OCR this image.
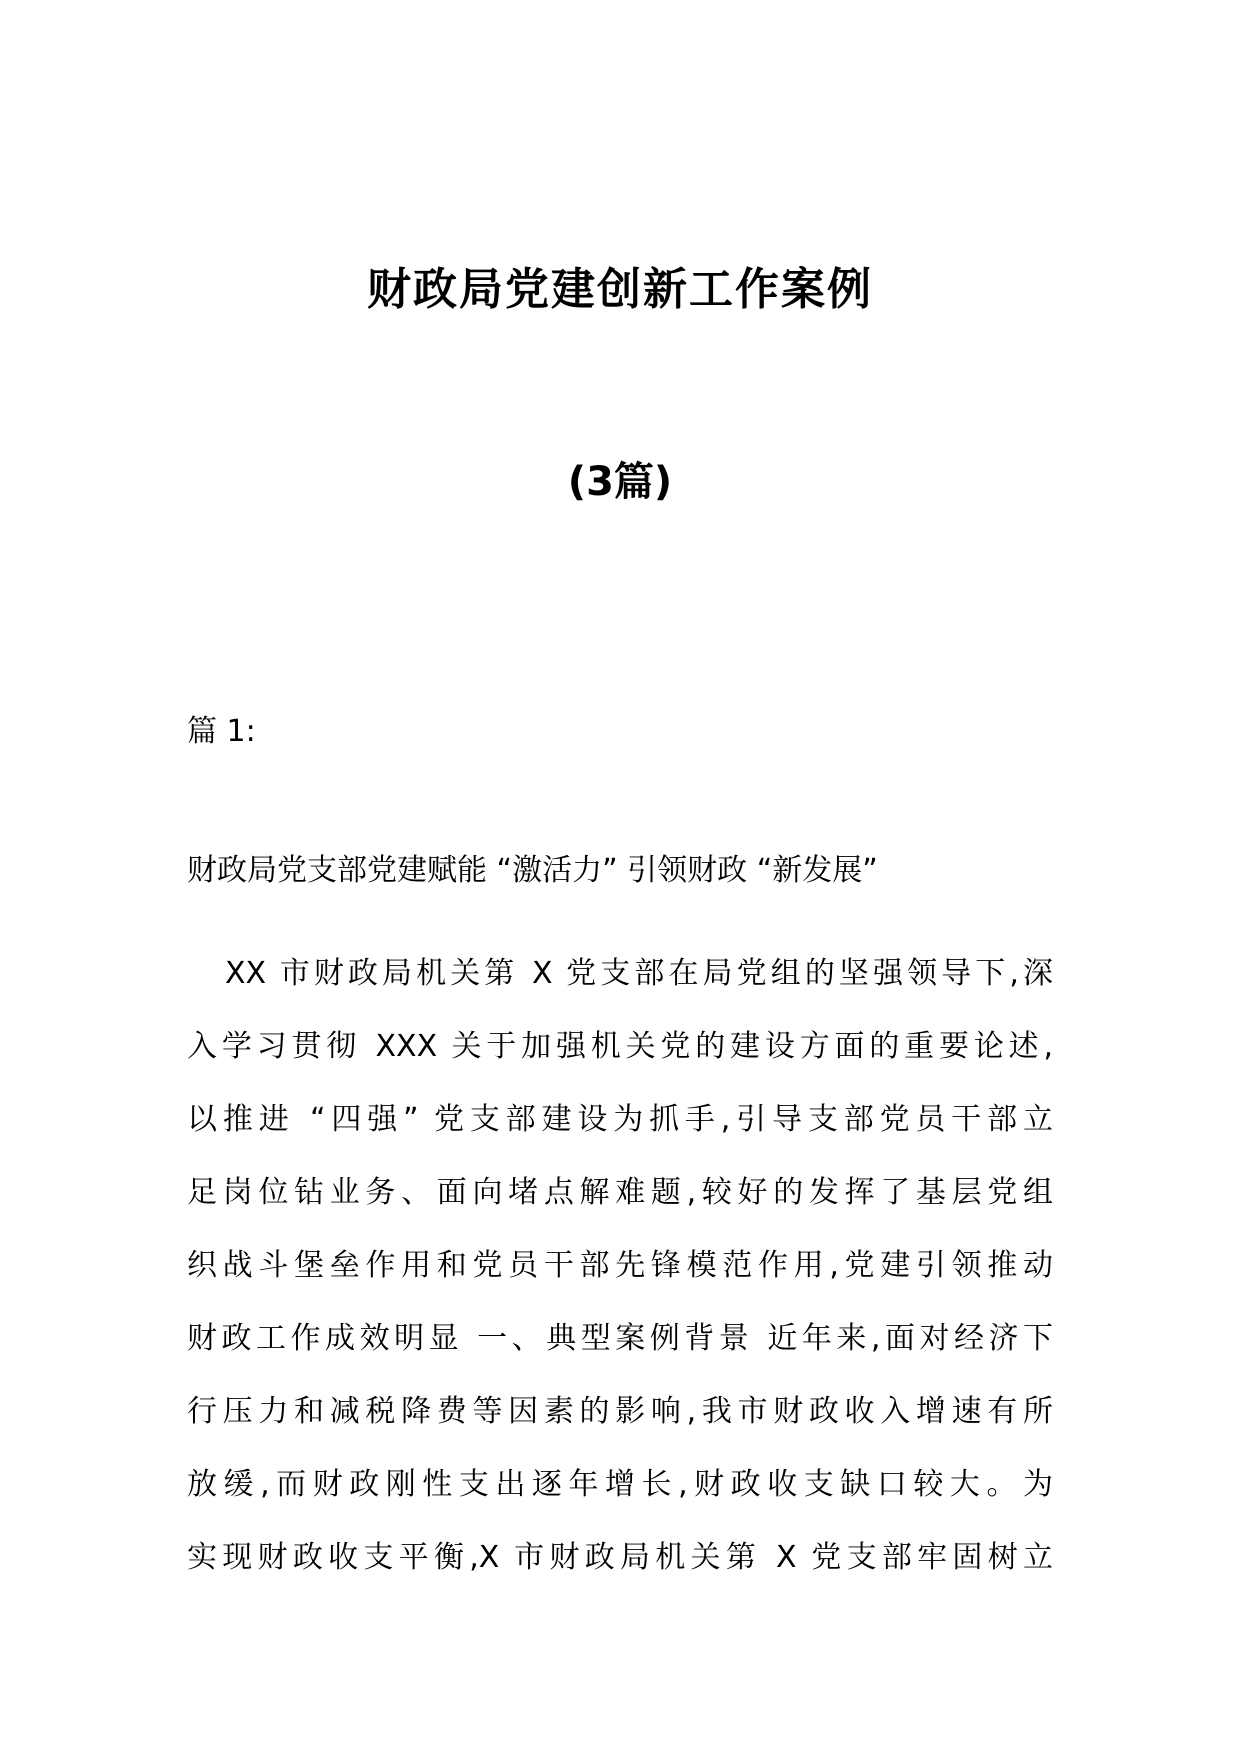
财政局党建创新工作案例
(3篇)
篇 1:
财政局党支部党建赋能 “激活力” 引领财政 “新发展”
XX 市财政局机关第 X 党支部在局党组的坚强领导下,深
入学习贯彻 XXX 关于加强机关党的建设方面的重要论述,
以推进 “四强” 党支部建设为抓手,引导支部党员干部立
足岗位钻业务、面向堵点解难题,较好的发挥了基层党组
织战斗堡垒作用和党员干部先锋模范作用,党建引领推动
财政工作成效明显 一、典型案例背景 近年来,面对经济下
行压力和减税降费等因素的影响,我市财政收入增速有所
放缓,而财政刚性支出逐年增长,财政收支缺口较大。为
实现财政收支平衡,X 市财政局机关第 X 党支部牢固树立
